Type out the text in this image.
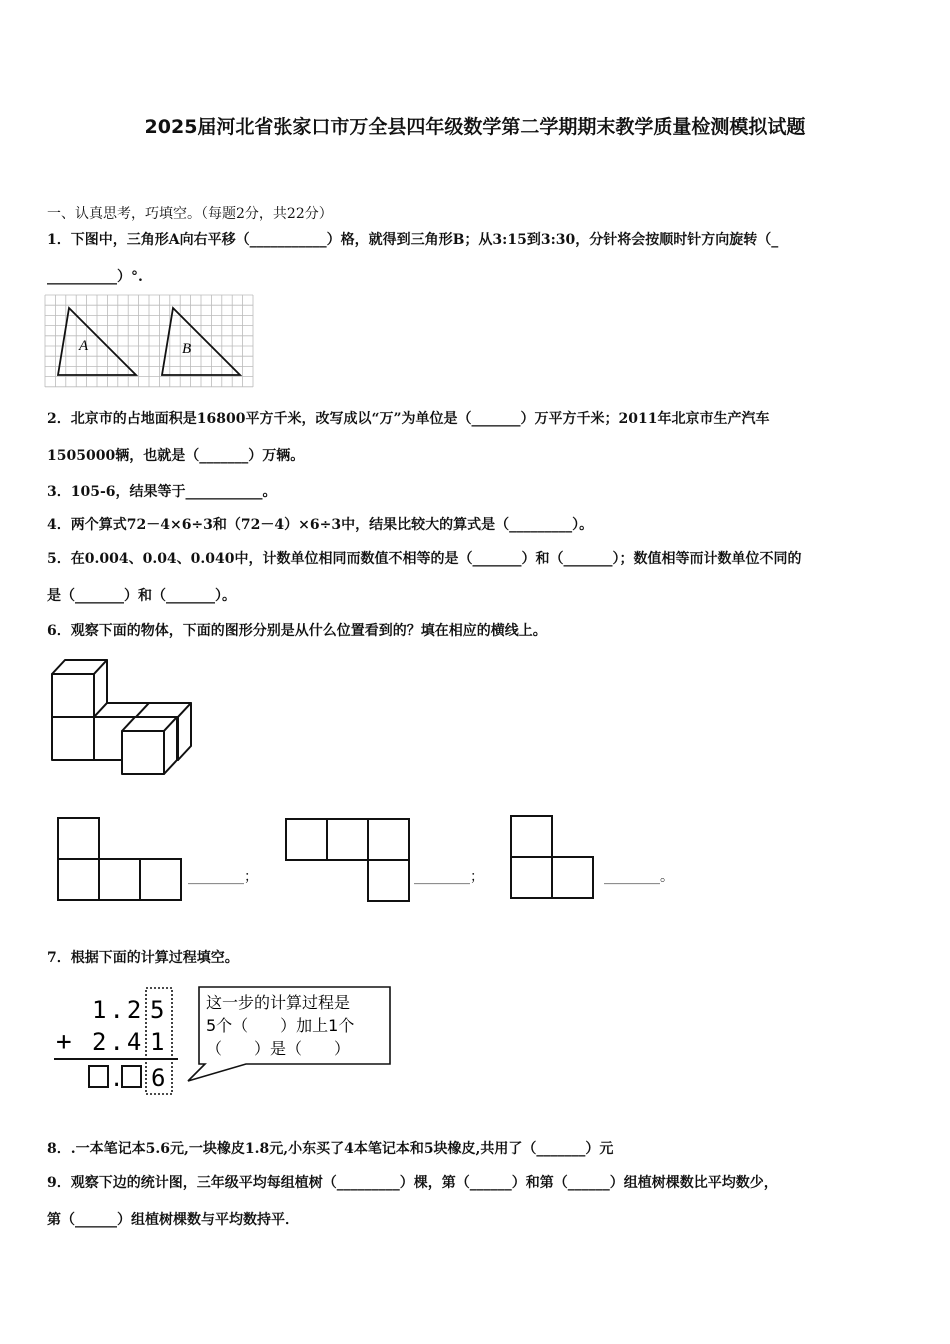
2025届河北省张家口市万全县四年级数学第二学期期末教学质量检测模拟试题
一、认真思考，巧填空。（每题2分，共22分）
1．下图中，三角形A向右平移（___________）格，就得到三角形B；从3:15到3:30，分针将会按顺时针方向旋转（_
__________）°.
A	B
2．北京市的占地面积是16800平方千米，改写成以“万”为单位是（_______）万平方千米；2011年北京市生产汽车
1505000辆，也就是（_______）万辆。
3．105-6，结果等于___________。
4．两个算式72－4×6÷3和（72－4）×6÷3中，结果比较大的算式是（_________）。
5．在0.004、0.04、0.040中，计数单位相同而数值不相等的是（_______）和（_______）；数值相等而计数单位不同的
是（_______）和（_______）。
6．观察下面的物体，下面的图形分别是从什么位置看到的？填在相应的横线上。
________；	________；	________。
7．根据下面的计算过程填空。
1.2 5
+ 2.4 1
. 6
这一步的计算过程是
5个（　　）加上1个
（　　）是（　　）
8．.一本笔记本5.6元,一块橡皮1.8元,小东买了4本笔记本和5块橡皮,共用了（_______）元
9．观察下边的统计图，三年级平均每组植树（_________）棵，第（______）和第（______）组植树棵数比平均数少，
第（______）组植树棵数与平均数持平．
